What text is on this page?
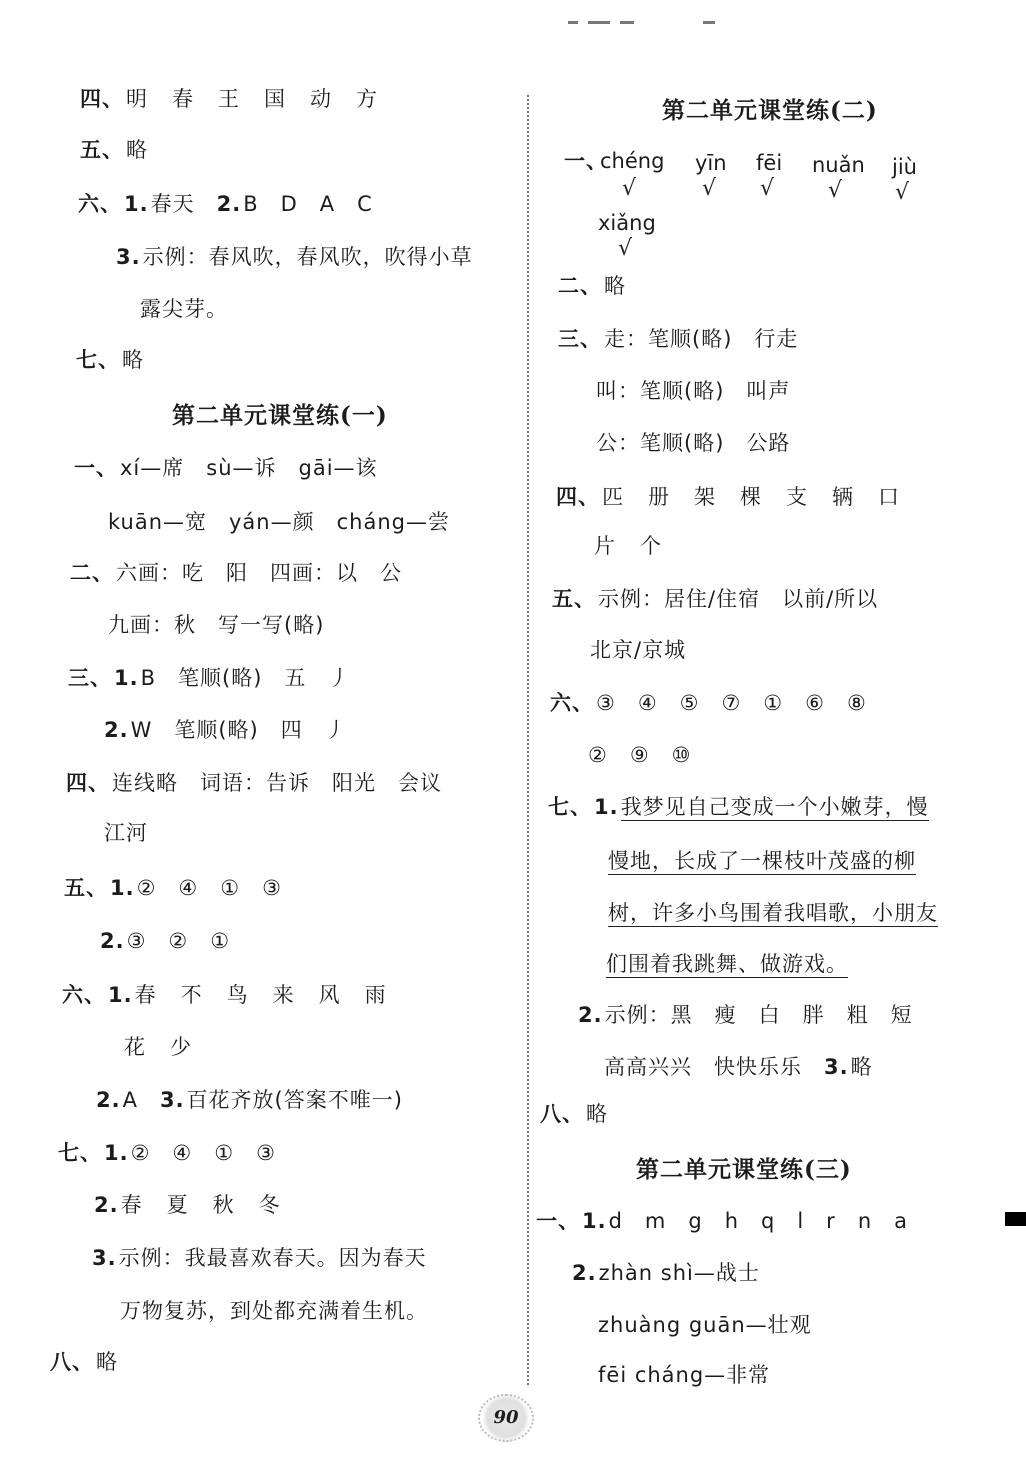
四、明 春 王 国 动 方
五、略
六、1.春天　 2.B　D　A　C
3.示例：春风吹，春风吹，吹得小草
露尖芽。
七、略
第二单元课堂练(一)
一、xí—席　sù—诉　gāi—该
kuān—宽　yán—颜　cháng—尝
二、六画：吃　阳　四画：以　公
九画：秋　写一写(略)
三、1.B　笔顺(略)　五　丿
2.W　笔顺(略)　四　丿
四、连线略　词语：告诉　阳光　会议
江河
五、1.②　④　①　③
2.③　②　①
六、1.春 不 鸟 来 风 雨
花 少
2.A　 3.百花齐放(答案不唯一)
七、1.②　④　①　③
2.春 夏 秋 冬
3.示例：我最喜欢春天。因为春天
万物复苏，到处都充满着生机。
八、略
第二单元课堂练(二)
一、
chéng yīn fēi nuǎn jiù
√	√ √ √ √
xiǎng
√
二、略
三、走：笔顺(略)　行走
叫：笔顺(略)　叫声
公：笔顺(略)　公路
四、匹 册 架 棵 支 辆 口
片 个
五、示例：居住/住宿　以前/所以
北京/京城
六、③　④　⑤　⑦　①　⑥　⑧
②　⑨　⑩
七、1.我梦见自己变成一个小嫩芽，慢
慢地，长成了一棵枝叶茂盛的柳
树，许多小鸟围着我唱歌，小朋友
们围着我跳舞、做游戏。
2.示例：黑　瘦　白　胖　粗　短
高高兴兴　快快乐乐　 3.略
八、略
第二单元课堂练(三)
一、1.d　m　g　h　q　l　r　n　a
2.zhàn shì—战士
zhuàng guān—壮观
fēi cháng—非常
90
